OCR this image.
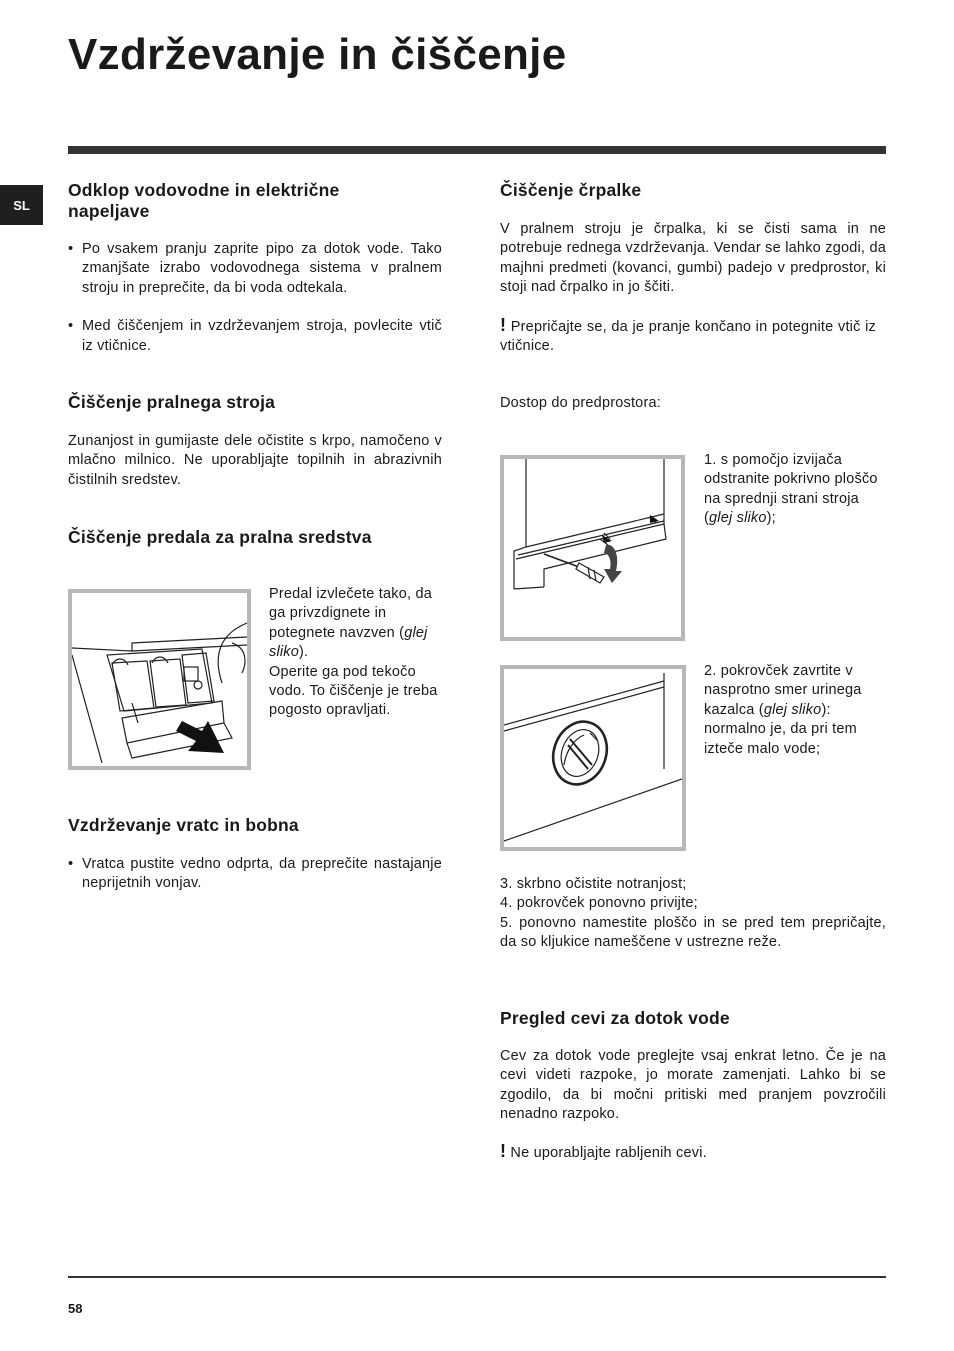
Vzdrževanje in čiščenje
SL
Odklop vodovodne in električne napeljave
• Po vsakem pranju zaprite pipo za dotok vode. Tako zmanjšate izrabo vodovodnega sistema v pralnem stroju in preprečite, da bi voda odtekala.
• Med čiščenjem in vzdrževanjem stroja, povlecite vtič iz vtičnice.
Čiščenje pralnega stroja

Zunanjost in gumijaste dele očistite s krpo, namočeno v mlačno milnico. Ne uporabljajte topilnih in abrazivnih čistilnih sredstev.

Čiščenje predala za pralna sredstva

Predal izvlečete tako, da ga privzdignete in potegnete navzven (glej sliko).
Operite ga pod tekočo vodo. To čiščenje je treba pogosto opravljati.

Vzdrževanje vratc in bobna
• Vratca pustite vedno odprta, da preprečite nastajanje neprijetnih vonjav.
Čiščenje črpalke

V pralnem stroju je črpalka, ki se čisti sama in ne potrebuje rednega vzdrževanja. Vendar se lahko zgodi, da majhni predmeti (kovanci, gumbi) padejo v predprostor, ki stoji nad črpalko in jo ščiti.

! Prepričajte se, da je pranje končano in potegnite vtič iz vtičnice.

Dostop do predprostora:

1. s pomočjo izvijača odstranite pokrivno ploščo na sprednji strani stroja (glej sliko);

2. pokrovček zavrtite v nasprotno smer urinega kazalca (glej sliko): normalno je, da pri tem izteče malo vode;

3. skrbno očistite notranjost;
4. pokrovček ponovno privijte;
5. ponovno namestite ploščo in se pred tem prepričajte, da so kljukice nameščene v ustrezne reže.
Pregled cevi za dotok vode

Cev za dotok vode preglejte vsaj enkrat letno. Če je na cevi videti razpoke, jo morate zamenjati. Lahko bi se zgodilo, da bi močni pritiski med pranjem povzročili nenadno razpoko.

! Ne uporabljajte rabljenih cevi.

58
